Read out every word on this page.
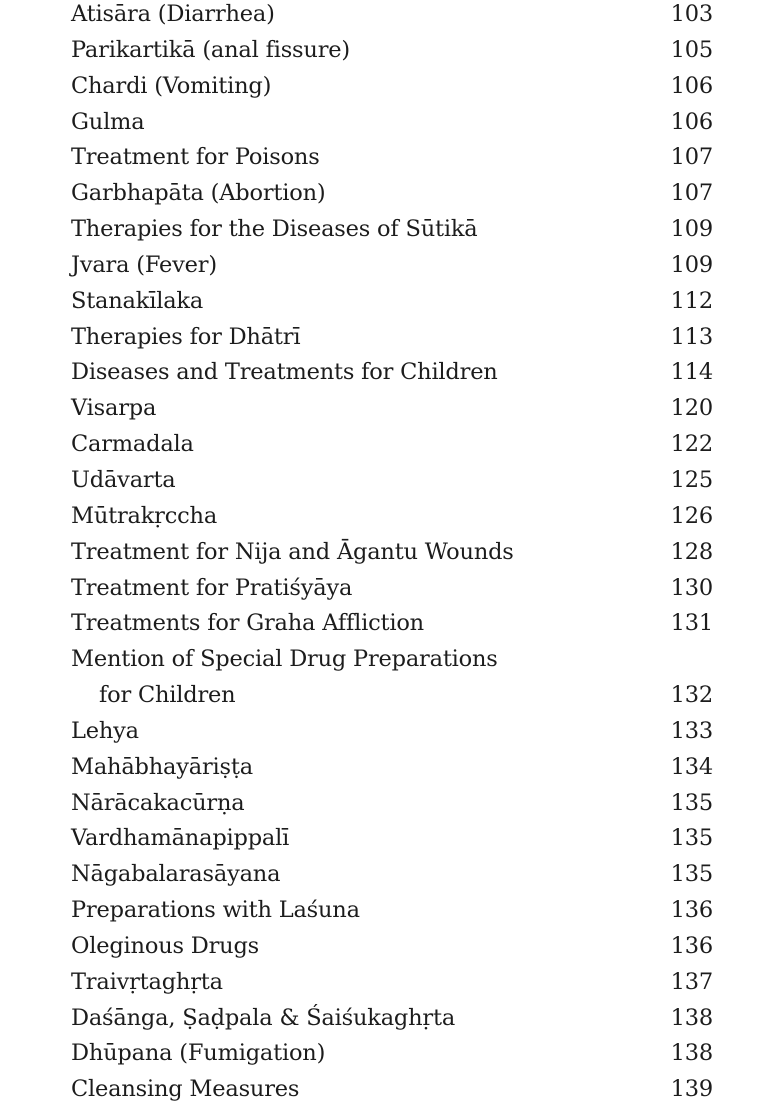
Atisāra (Diarrhea)	103
Parikartikā (anal fissure)	105
Chardi (Vomiting)	106
Gulma	106
Treatment for Poisons	107
Garbhapāta (Abortion)	107
Therapies for the Diseases of Sūtikā	109
Jvara (Fever)	109
Stanakīlaka	112
Therapies for Dhātrī	113
Diseases and Treatments for Children	114
Visarpa	120
Carmadala	122
Udāvarta	125
Mūtrakṛccha	126
Treatment for Nija and Āgantu Wounds	128
Treatment for Pratiśyāya	130
Treatments for Graha Affliction	131
Mention of Special Drug Preparations
for Children	132
Lehya	133
Mahābhayāriṣṭa	134
Nārācakacūrṇa	135
Vardhamānapippalī	135
Nāgabalarasāyana	135
Preparations with Laśuna	136
Oleginous Drugs	136
Traivṛtaghṛta	137
Daśānga, Ṣaḍpala & Śaiśukaghṛta	138
Dhūpana (Fumigation)	138
Cleansing Measures	139
